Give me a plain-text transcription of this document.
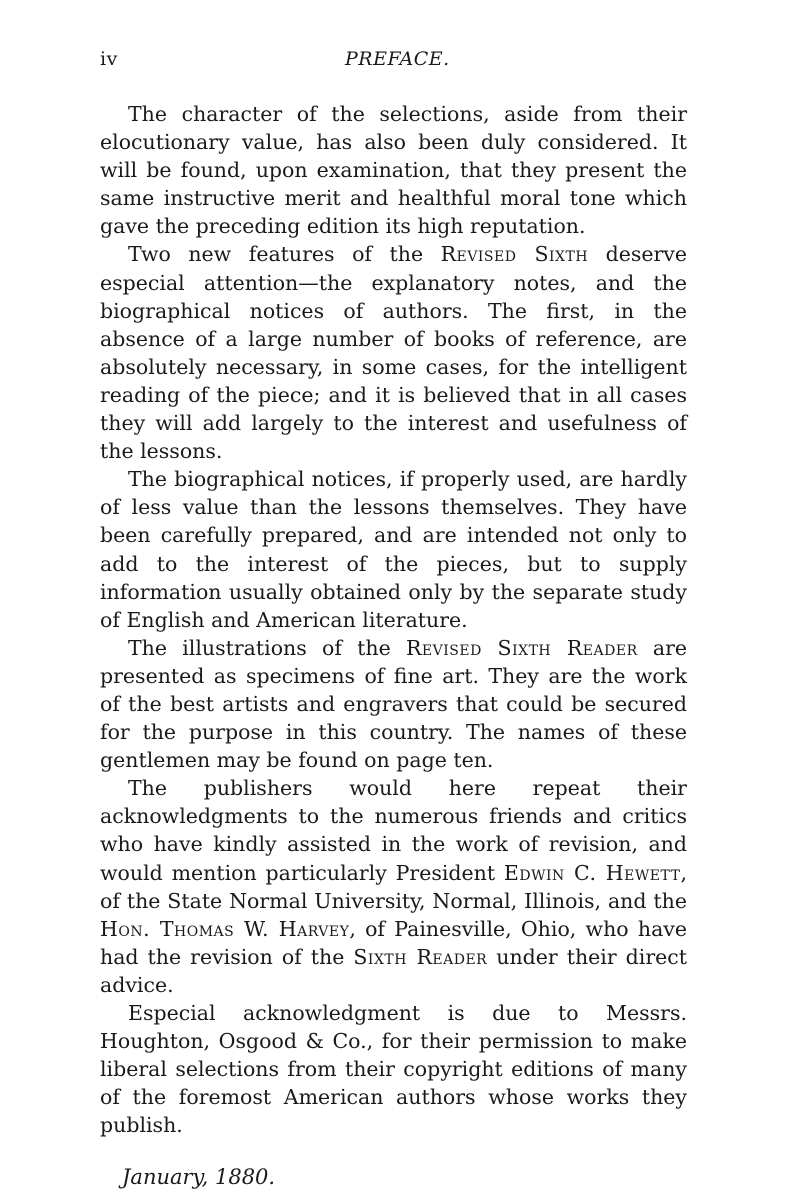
iv	PREFACE.

The character of the selections, aside from their elocutionary value, has also been duly considered. It will be found, upon examination, that they present the same instructive merit and healthful moral tone which gave the preceding edition its high reputation.

Two new features of the Revised Sixth deserve especial attention—the explanatory notes, and the biographical notices of authors. The first, in the absence of a large number of books of reference, are absolutely necessary, in some cases, for the intelligent reading of the piece; and it is believed that in all cases they will add largely to the interest and usefulness of the lessons.

The biographical notices, if properly used, are hardly of less value than the lessons themselves. They have been carefully prepared, and are intended not only to add to the interest of the pieces, but to supply information usually obtained only by the separate study of English and American literature.

The illustrations of the Revised Sixth Reader are presented as specimens of fine art. They are the work of the best artists and engravers that could be secured for the purpose in this country. The names of these gentlemen may be found on page ten.

The publishers would here repeat their acknowledgments to the numerous friends and critics who have kindly assisted in the work of revision, and would mention particularly President Edwin C. Hewett, of the State Normal University, Normal, Illinois, and the Hon. Thomas W. Harvey, of Painesville, Ohio, who have had the revision of the Sixth Reader under their direct advice.

Especial acknowledgment is due to Messrs. Houghton, Osgood & Co., for their permission to make liberal selections from their copyright editions of many of the foremost American authors whose works they publish.

January, 1880.
